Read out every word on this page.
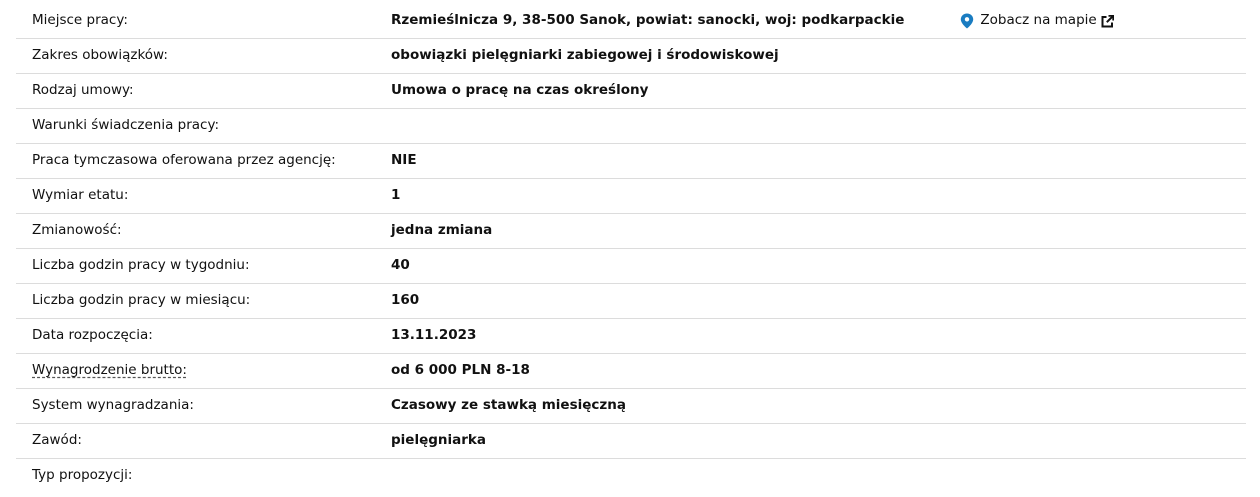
Miejsce pracy:	Rzemieślnicza 9, 38-500 Sanok, powiat: sanocki, woj: podkarpackie	Zobacz na mapie
Zakres obowiązków:	obowiązki pielęgniarki zabiegowej i środowiskowej
Rodzaj umowy:	Umowa o pracę na czas określony
Warunki świadczenia pracy:
Praca tymczasowa oferowana przez agencję:	NIE
Wymiar etatu:	1
Zmianowość:	jedna zmiana
Liczba godzin pracy w tygodniu:	40
Liczba godzin pracy w miesiącu:	160
Data rozpoczęcia:	13.11.2023
Wynagrodzenie brutto:	od 6 000 PLN 8-18
System wynagradzania:	Czasowy ze stawką miesięczną
Zawód:	pielęgniarka
Typ propozycji:
